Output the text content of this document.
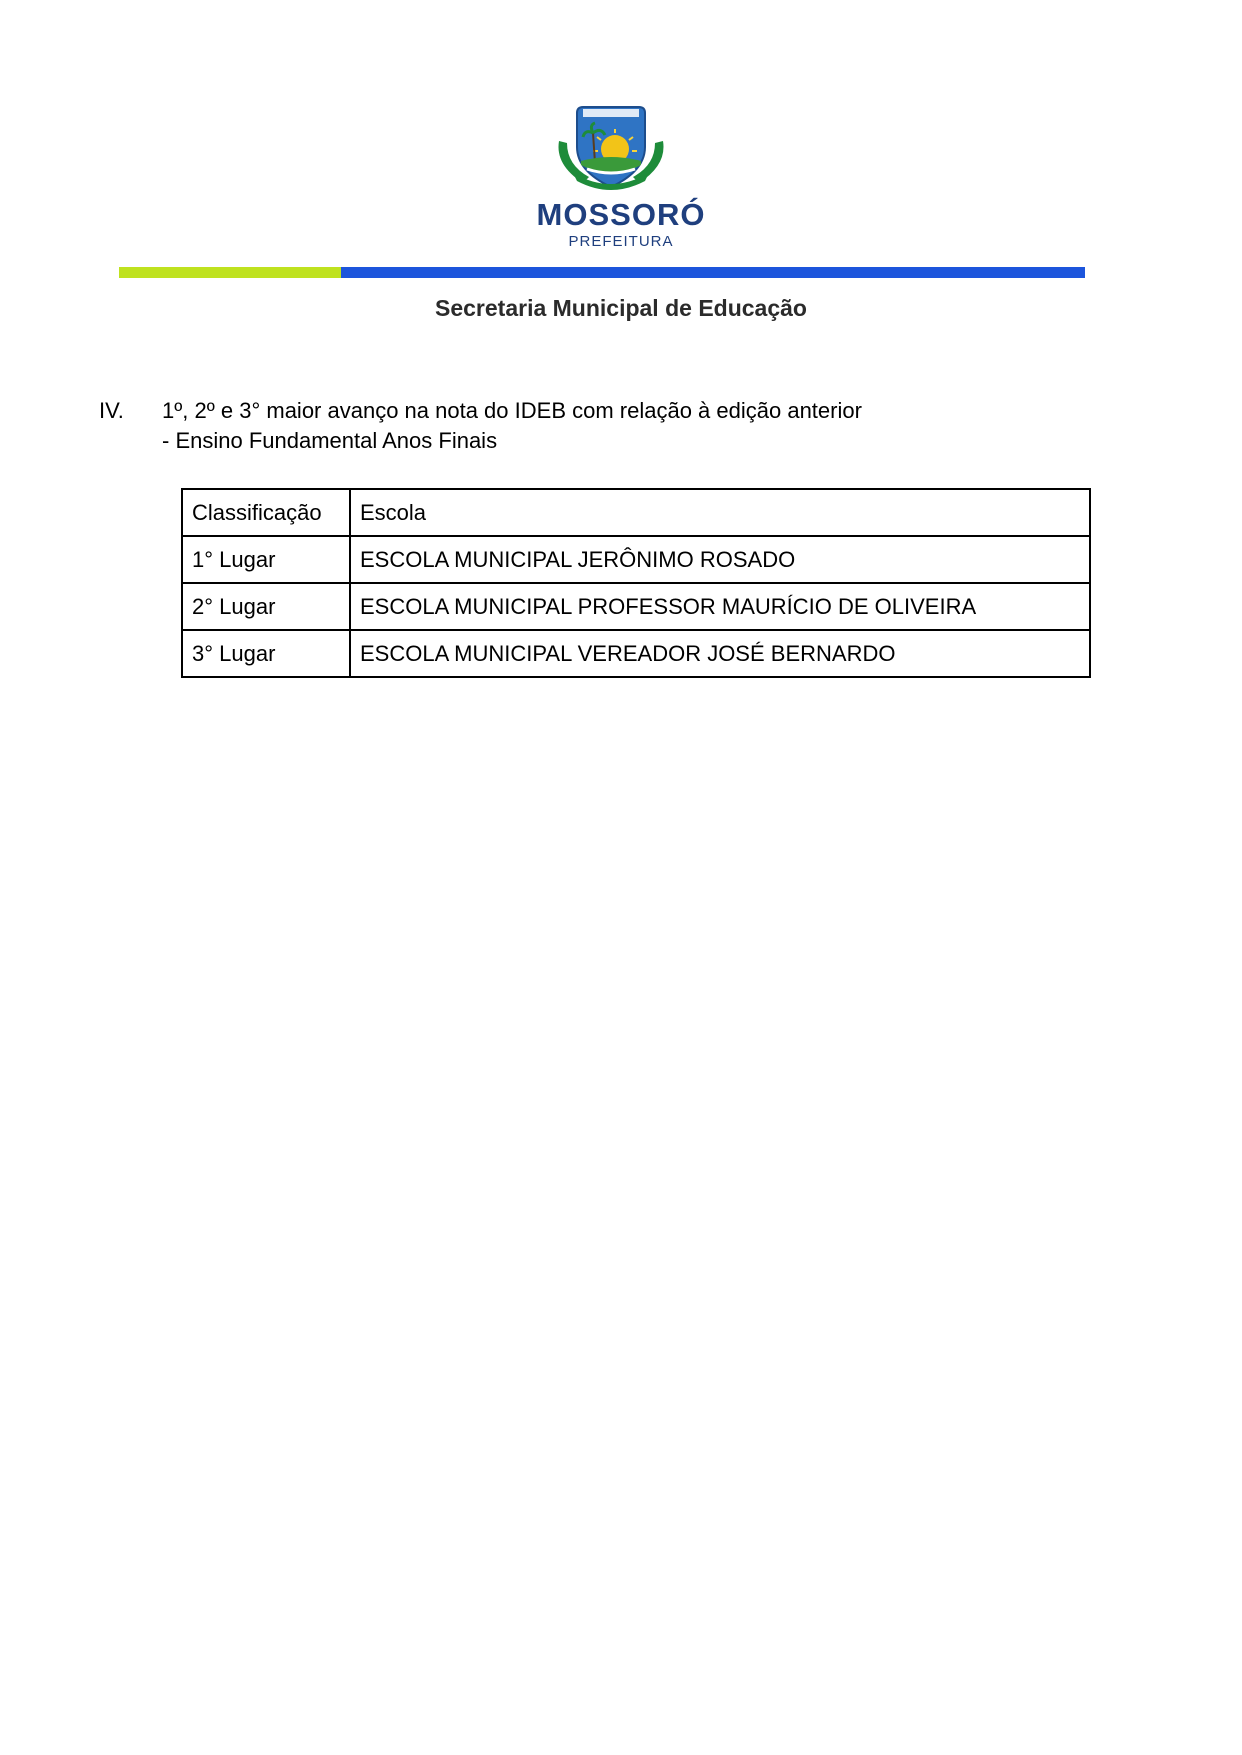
MOSSORÓ
PREFEITURA
Secretaria Municipal de Educação
IV. 1º, 2º e 3° maior avanço na nota do IDEB com relação à edição anterior
- Ensino Fundamental Anos Finais
Classificação	Escola
1° Lugar	ESCOLA MUNICIPAL JERÔNIMO ROSADO
2° Lugar	ESCOLA MUNICIPAL PROFESSOR MAURÍCIO DE OLIVEIRA
3° Lugar	ESCOLA MUNICIPAL VEREADOR JOSÉ BERNARDO
